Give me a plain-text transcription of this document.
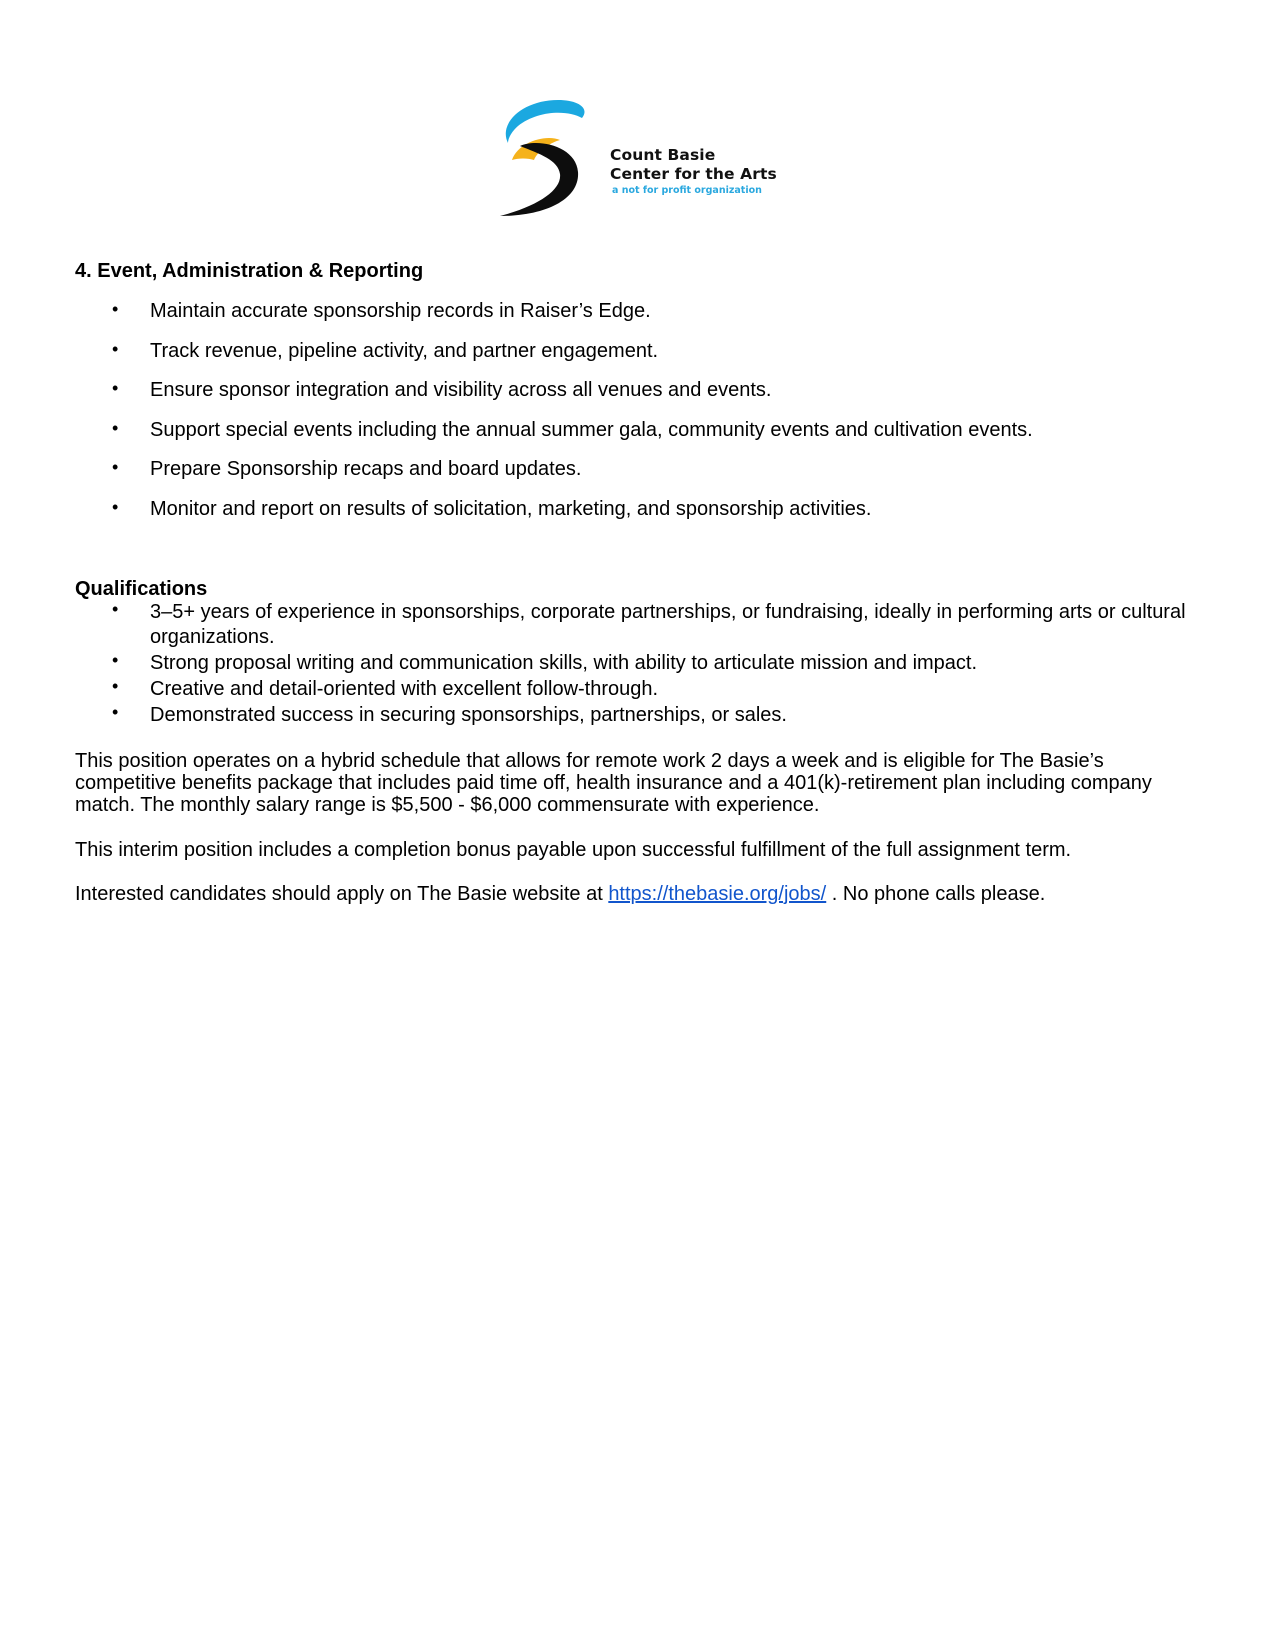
Count Basie
Center for the Arts
a not for profit organization
4. Event, Administration & Reporting
• Maintain accurate sponsorship records in Raiser’s Edge.
• Track revenue, pipeline activity, and partner engagement.
• Ensure sponsor integration and visibility across all venues and events.
• Support special events including the annual summer gala, community events and cultivation events.
• Prepare Sponsorship recaps and board updates.
• Monitor and report on results of solicitation, marketing, and sponsorship activities.
Qualifications
• 3–5+ years of experience in sponsorships, corporate partnerships, or fundraising, ideally in performing arts or cultural organizations.
• Strong proposal writing and communication skills, with ability to articulate mission and impact.
• Creative and detail-oriented with excellent follow-through.
• Demonstrated success in securing sponsorships, partnerships, or sales.

This position operates on a hybrid schedule that allows for remote work 2 days a week and is eligible for The Basie’s competitive benefits package that includes paid time off, health insurance and a 401(k)-retirement plan including company match. The monthly salary range is $5,500 - $6,000 commensurate with experience.

This interim position includes a completion bonus payable upon successful fulfillment of the full assignment term.

Interested candidates should apply on The Basie website at https://thebasie.org/jobs/ . No phone calls please.
